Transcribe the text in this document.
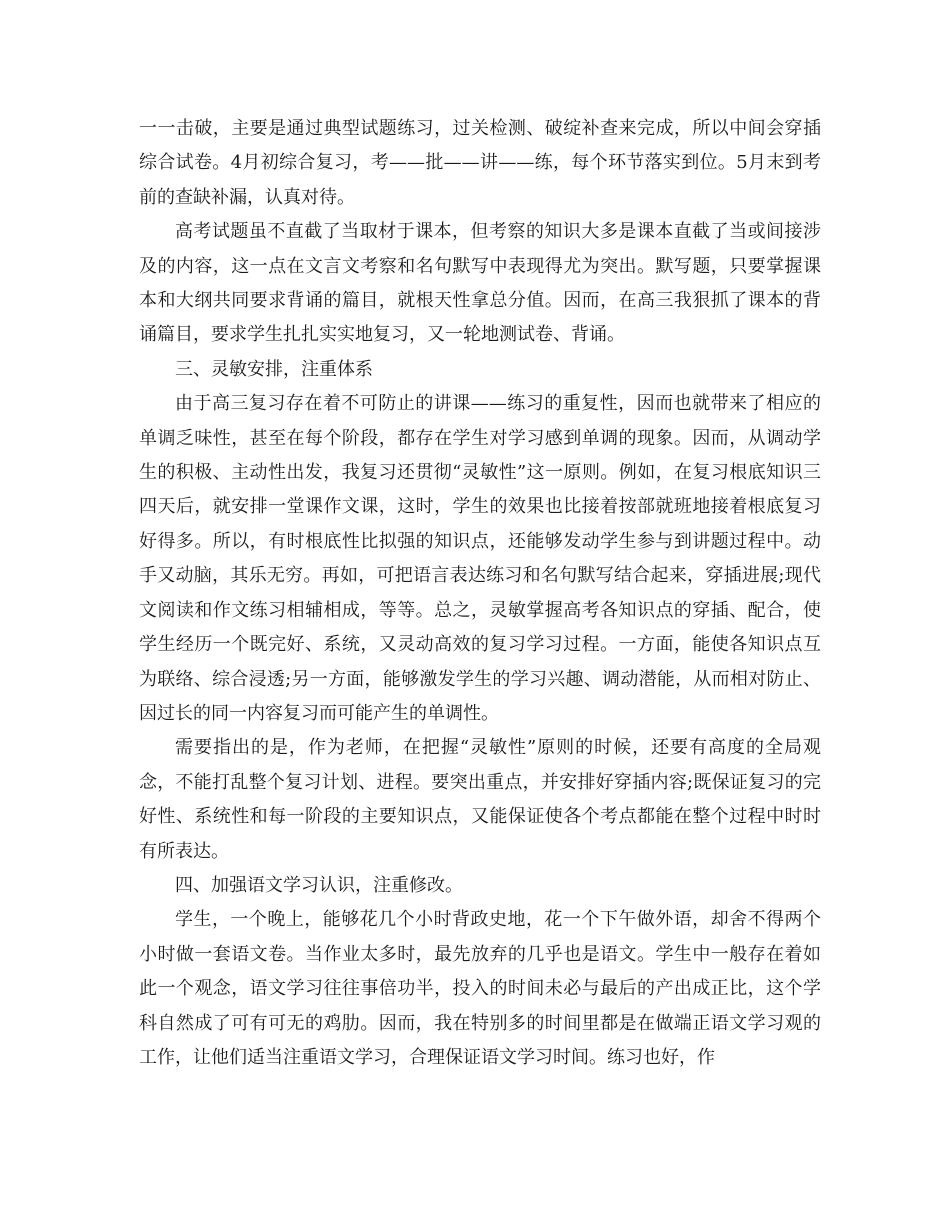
一一击破，主要是通过典型试题练习，过关检测、破绽补查来完成，所以中间会穿插综合试卷。4月初综合复习，考——批——讲——练，每个环节落实到位。5月末到考前的查缺补漏，认真对待。

高考试题虽不直截了当取材于课本，但考察的知识大多是课本直截了当或间接涉及的内容，这一点在文言文考察和名句默写中表现得尤为突出。默写题，只要掌握课本和大纲共同要求背诵的篇目，就根天性拿总分值。因而，在高三我狠抓了课本的背诵篇目，要求学生扎扎实实地复习，又一轮地测试卷、背诵。

三、灵敏安排，注重体系

由于高三复习存在着不可防止的讲课——练习的重复性，因而也就带来了相应的单调乏味性，甚至在每个阶段，都存在学生对学习感到单调的现象。因而，从调动学生的积极、主动性出发，我复习还贯彻“灵敏性”这一原则。例如，在复习根底知识三四天后，就安排一堂课作文课，这时，学生的效果也比接着按部就班地接着根底复习好得多。所以，有时根底性比拟强的知识点，还能够发动学生参与到讲题过程中。动手又动脑，其乐无穷。再如，可把语言表达练习和名句默写结合起来，穿插进展;现代文阅读和作文练习相辅相成，等等。总之，灵敏掌握高考各知识点的穿插、配合，使学生经历一个既完好、系统，又灵动高效的复习学习过程。一方面，能使各知识点互为联络、综合浸透;另一方面，能够激发学生的学习兴趣、调动潜能，从而相对防止、因过长的同一内容复习而可能产生的单调性。

需要指出的是，作为老师，在把握“灵敏性”原则的时候，还要有高度的全局观念，不能打乱整个复习计划、进程。要突出重点，并安排好穿插内容;既保证复习的完好性、系统性和每一阶段的主要知识点，又能保证使各个考点都能在整个过程中时时有所表达。

四、加强语文学习认识，注重修改。

学生，一个晚上，能够花几个小时背政史地，花一个下午做外语，却舍不得两个小时做一套语文卷。当作业太多时，最先放弃的几乎也是语文。学生中一般存在着如此一个观念，语文学习往往事倍功半，投入的时间未必与最后的产出成正比，这个学科自然成了可有可无的鸡肋。因而，我在特别多的时间里都是在做端正语文学习观的工作，让他们适当注重语文学习，合理保证语文学习时间。练习也好，作
